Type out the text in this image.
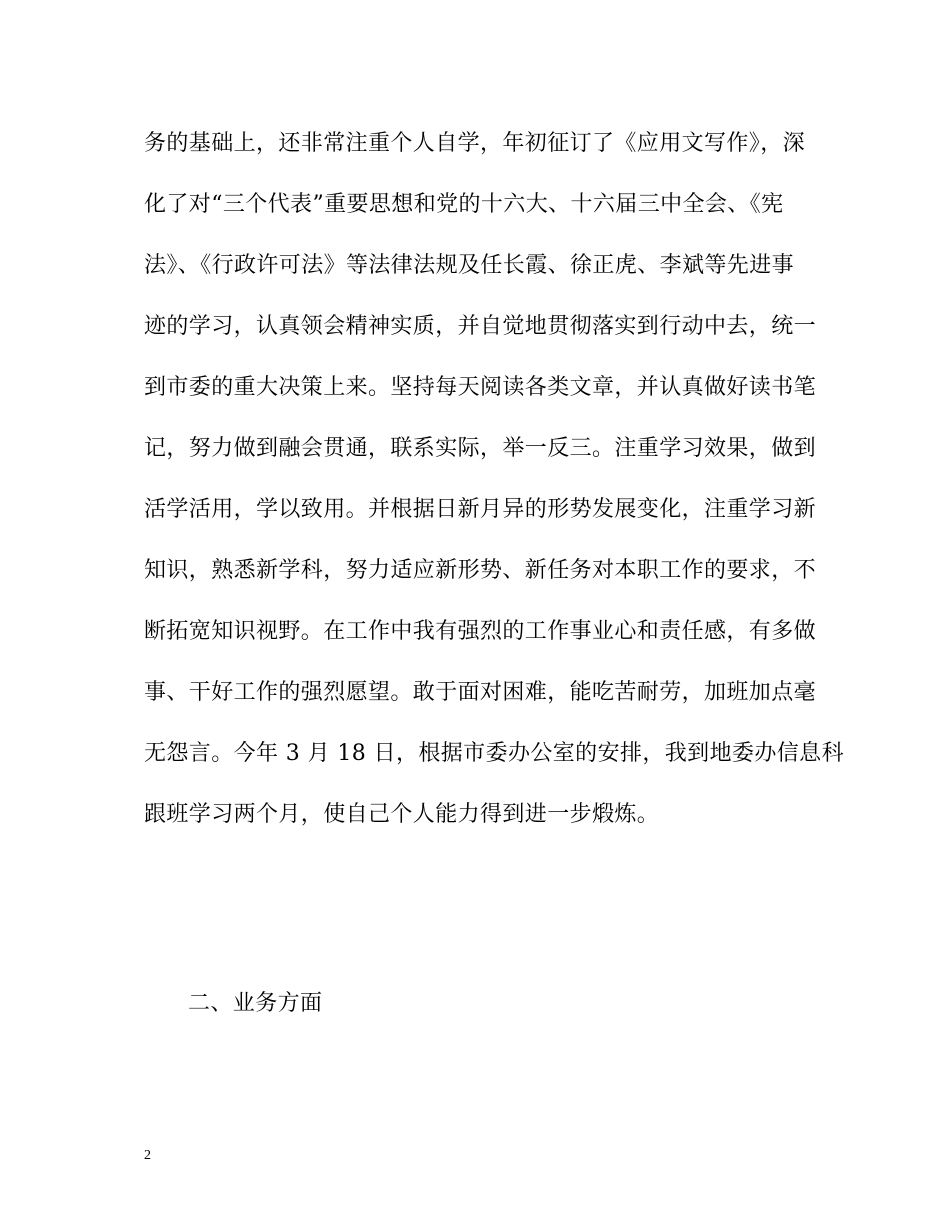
务的基础上，还非常注重个人自学，年初征订了《应用文写作》，深
化了对“三个代表”重要思想和党的十六大、十六届三中全会、《宪
法》、《行政许可法》等法律法规及任长霞、徐正虎、李斌等先进事
迹的学习，认真领会精神实质，并自觉地贯彻落实到行动中去，统一
到市委的重大决策上来。坚持每天阅读各类文章，并认真做好读书笔
记，努力做到融会贯通，联系实际，举一反三。注重学习效果，做到
活学活用，学以致用。并根据日新月异的形势发展变化，注重学习新
知识，熟悉新学科，努力适应新形势、新任务对本职工作的要求，不
断拓宽知识视野。在工作中我有强烈的工作事业心和责任感，有多做
事、干好工作的强烈愿望。敢于面对困难，能吃苦耐劳，加班加点毫
无怨言。今年 3 月 18 日，根据市委办公室的安排，我到地委办信息科
跟班学习两个月，使自己个人能力得到进一步煅炼。
二、业务方面
2
